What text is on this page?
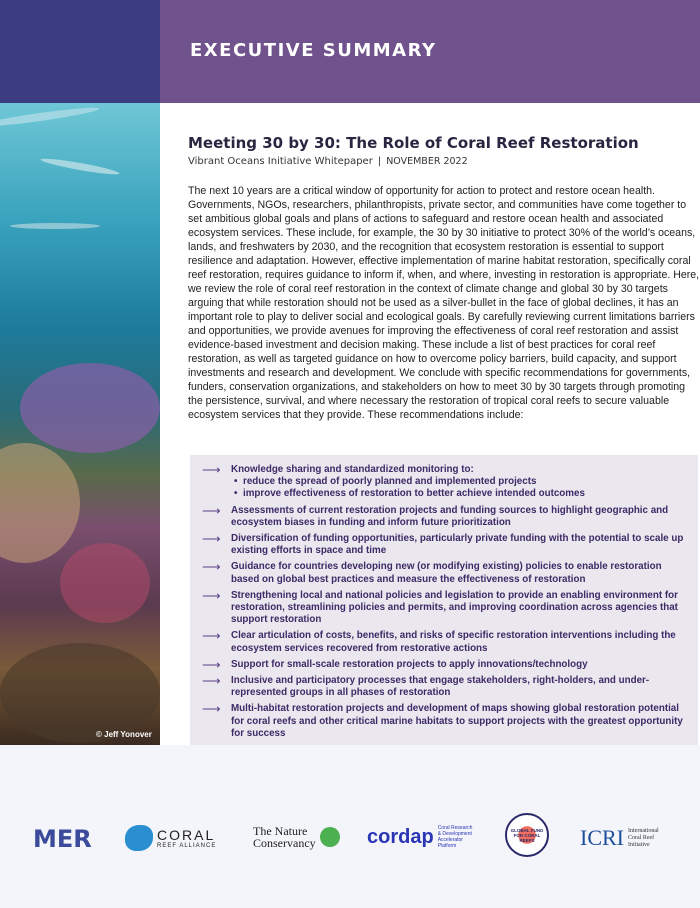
EXECUTIVE SUMMARY
© Jeff Yonover
Meeting 30 by 30: The Role of Coral Reef Restoration
Vibrant Oceans Initiative Whitepaper | NOVEMBER 2022

The next 10 years are a critical window of opportunity for action to protect and restore ocean health. Governments, NGOs, researchers, philanthropists, private sector, and communities have come together to set ambitious global goals and plans of actions to safeguard and restore ocean health and associated ecosystem services. These include, for example, the 30 by 30 initiative to protect 30% of the world’s oceans, lands, and freshwaters by 2030, and the recognition that ecosystem restoration is essential to support resilience and adaptation. However, effective implementation of marine habitat restoration, specifically coral reef restoration, requires guidance to inform if, when, and where, investing in restoration is appropriate. Here, we review the role of coral reef restoration in the context of climate change and global 30 by 30 targets arguing that while restoration should not be used as a silver-bullet in the face of global declines, it has an important role to play to deliver social and ecological goals. By carefully reviewing current limitations barriers and opportunities, we provide avenues for improving the effectiveness of coral reef restoration and assist evidence-based investment and decision making. These include a list of best practices for coral reef restoration, as well as targeted guidance on how to overcome policy barriers, build capacity, and support investments and research and development. We conclude with specific recommendations for governments, funders, conservation organizations, and stakeholders on how to meet 30 by 30 targets through promoting the persistence, survival, and where necessary the restoration of tropical coral reefs to secure valuable ecosystem services that they provide. These recommendations include:

⟶	Knowledge sharing and standardized monitoring to:
• reduce the spread of poorly planned and implemented projects
• improve effectiveness of restoration to better achieve intended outcomes
⟶	Assessments of current restoration projects and funding sources to highlight geographic and ecosystem biases in funding and inform future prioritization
⟶	Diversification of funding opportunities, particularly private funding with the potential to scale up existing efforts in space and time
⟶	Guidance for countries developing new (or modifying existing) policies to enable restoration based on global best practices and measure the effectiveness of restoration
⟶	Strengthening local and national policies and legislation to provide an enabling environment for restoration, streamlining policies and permits, and improving coordination across agencies that support restoration
⟶	Clear articulation of costs, benefits, and risks of specific restoration interventions including the ecosystem services recovered from restorative actions
⟶	Support for small-scale restoration projects to apply innovations/technology
⟶	Inclusive and participatory processes that engage stakeholders, right-holders, and under-represented groups in all phases of restoration
⟶	Multi-habitat restoration projects and development of maps showing global restoration potential for coral reefs and other critical marine habitats to support projects with the greatest opportunity for success
MER	CORAL
REEF ALLIANCE
The Nature
Conservancy	cordap Coral Research & Development Accelerator Platform
GLOBAL FUND FOR CORAL REEFS	ICRI International Coral Reef Initiative
